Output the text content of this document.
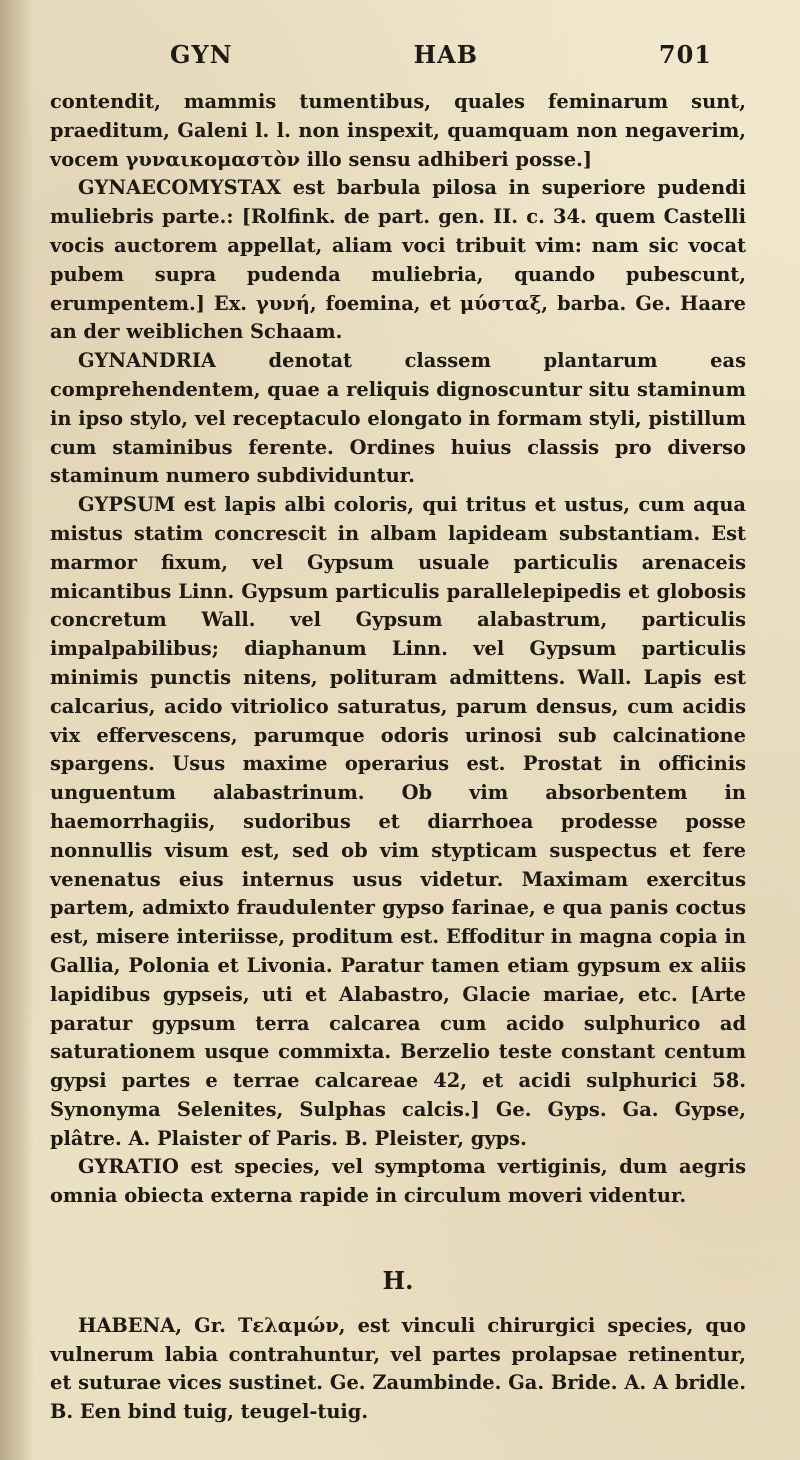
GYN	HAB	701

contendit, mammis tumentibus, quales feminarum sunt, praeditum, Galeni l. l. non inspexit, quamquam non negaverim, vocem γυναικομαστὸν illo sensu adhiberi posse.]

GYNAECOMYSTAX est barbula pilosa in superiore pudendi muliebris parte.: [Rolfink. de part. gen. II. c. 34. quem Castelli vocis auctorem appellat, aliam voci tribuit vim: nam sic vocat pubem supra pudenda muliebria, quando pubescunt, erumpentem.] Ex. γυνή, foemina, et μύσταξ, barba. Ge. Haare an der weiblichen Schaam.

GYNANDRIA denotat classem plantarum eas comprehendentem, quae a reliquis dignoscuntur situ staminum in ipso stylo, vel receptaculo elongato in formam styli, pistillum cum staminibus ferente. Ordines huius classis pro diverso staminum numero subdividuntur.

GYPSUM est lapis albi coloris, qui tritus et ustus, cum aqua mistus statim concrescit in albam lapideam substantiam. Est marmor fixum, vel Gypsum usuale particulis arenaceis micantibus Linn. Gypsum particulis parallelepipedis et globosis concretum Wall. vel Gypsum alabastrum, particulis impalpabilibus; diaphanum Linn. vel Gypsum particulis minimis punctis nitens, polituram admittens. Wall. Lapis est calcarius, acido vitriolico saturatus, parum densus, cum acidis vix effervescens, parumque odoris urinosi sub calcinatione spargens. Usus maxime operarius est. Prostat in officinis unguentum alabastrinum. Ob vim absorbentem in haemorrhagiis, sudoribus et diarrhoea prodesse posse nonnullis visum est, sed ob vim stypticam suspectus et fere venenatus eius internus usus videtur. Maximam exercitus partem, admixto fraudulenter gypso farinae, e qua panis coctus est, misere interiisse, proditum est. Effoditur in magna copia in Gallia, Polonia et Livonia. Paratur tamen etiam gypsum ex aliis lapidibus gypseis, uti et Alabastro, Glacie mariae, etc. [Arte paratur gypsum terra calcarea cum acido sulphurico ad saturationem usque commixta. Berzelio teste constant centum gypsi partes e terrae calcareae 42, et acidi sulphurici 58. Synonyma Selenites, Sulphas calcis.] Ge. Gyps. Ga. Gypse, plâtre. A. Plaister of Paris. B. Pleister, gyps.

GYRATIO est species, vel symptoma vertiginis, dum aegris omnia obiecta externa rapide in circulum moveri videntur.

H.

HABENA, Gr. Τελαμών, est vinculi chirurgici species, quo vulnerum labia contrahuntur, vel partes prolapsae retinentur, et suturae vices sustinet. Ge. Zaumbinde. Ga. Bride. A. A bridle. B. Een bind tuig, teugel-tuig.
